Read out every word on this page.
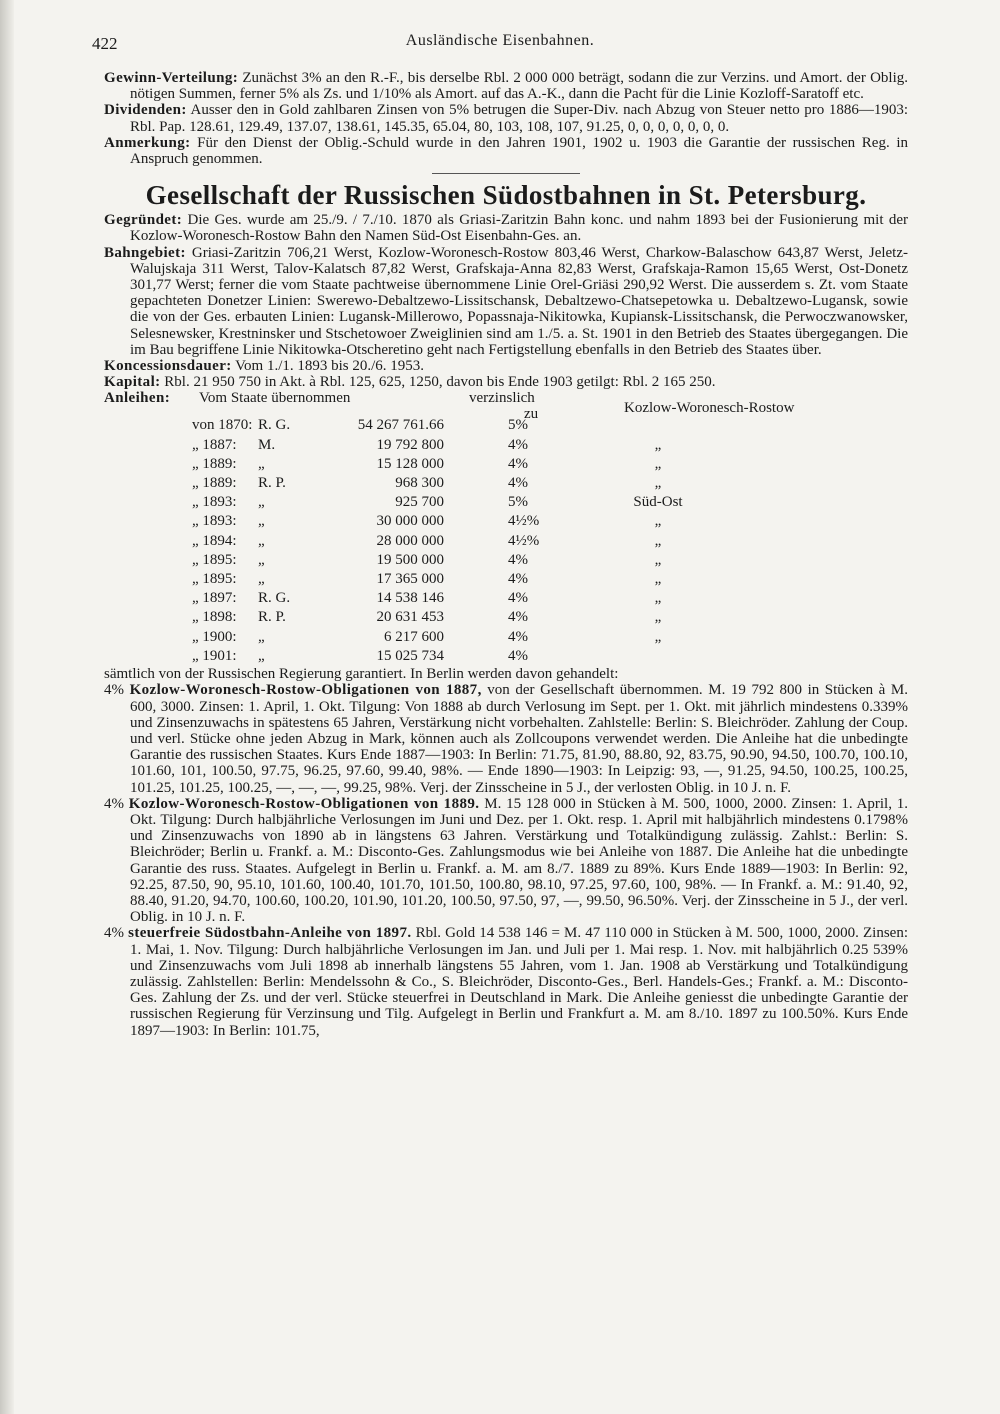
422	Ausländische Eisenbahnen.

Gewinn-Verteilung: Zunächst 3% an den R.-F., bis derselbe Rbl. 2 000 000 beträgt, sodann die zur Verzins. und Amort. der Oblig. nötigen Summen, ferner 5% als Zs. und 1/10% als Amort. auf das A.-K., dann die Pacht für die Linie Kozloff-Saratoff etc.

Dividenden: Ausser den in Gold zahlbaren Zinsen von 5% betrugen die Super-Div. nach Abzug von Steuer netto pro 1886—1903: Rbl. Pap. 128.61, 129.49, 137.07, 138.61, 145.35, 65.04, 80, 103, 108, 107, 91.25, 0, 0, 0, 0, 0, 0, 0.

Anmerkung: Für den Dienst der Oblig.-Schuld wurde in den Jahren 1901, 1902 u. 1903 die Garantie der russischen Reg. in Anspruch genommen.

Gesellschaft der Russischen Südostbahnen in St. Petersburg.

Gegründet: Die Ges. wurde am 25./9. / 7./10. 1870 als Griasi-Zaritzin Bahn konc. und nahm 1893 bei der Fusionierung mit der Kozlow-Woronesch-Rostow Bahn den Namen Süd-Ost Eisenbahn-Ges. an.

Bahngebiet: Griasi-Zaritzin 706,21 Werst, Kozlow-Woronesch-Rostow 803,46 Werst, Charkow-Balaschow 643,87 Werst, Jeletz-Walujskaja 311 Werst, Talov-Kalatsch 87,82 Werst, Grafskaja-Anna 82,83 Werst, Grafskaja-Ramon 15,65 Werst, Ost-Donetz 301,77 Werst; ferner die vom Staate pachtweise übernommene Linie Orel-Griäsi 290,92 Werst. Die ausserdem s. Zt. vom Staate gepachteten Donetzer Linien: Swerewo-Debaltzewo-Lissitschansk, Debaltzewo-Chatsepetowka u. Debaltzewo-Lugansk, sowie die von der Ges. erbauten Linien: Lugansk-Millerowo, Popassnaja-Nikitowka, Kupiansk-Lissitschansk, die Perwoczwanowsker, Selesnewsker, Krestninsker und Stschetowoer Zweiglinien sind am 1./5. a. St. 1901 in den Betrieb des Staates übergegangen. Die im Bau begriffene Linie Nikitowka-Otscheretino geht nach Fertigstellung ebenfalls in den Betrieb des Staates über.

Koncessionsdauer: Vom 1./1. 1893 bis 20./6. 1953.

Kapital: Rbl. 21 950 750 in Akt. à Rbl. 125, 625, 1250, davon bis Ende 1903 getilgt: Rbl. 2 165 250.

Anleihen: Vom Staate übernommen	verzinslich
zu	Kozlow-Woronesch-Rostow
von 1870:	R. G.	54 267 761.66		5%	
„ 1887:	M.	19 792 800		4%	„
„ 1889:	„	15 128 000		4%	„
„ 1889:	R. P.	968 300		4%	„
„ 1893:	„	925 700		5%	Süd-Ost
„ 1893:	„	30 000 000		4½%	„
„ 1894:	„	28 000 000		4½%	„
„ 1895:	„	19 500 000		4%	„
„ 1895:	„	17 365 000		4%	„
„ 1897:	R. G.	14 538 146		4%	„
„ 1898:	R. P.	20 631 453		4%	„
„ 1900:	„	6 217 600		4%	„
„ 1901:	„	15 025 734		4%	

sämtlich von der Russischen Regierung garantiert. In Berlin werden davon gehandelt:

4% Kozlow-Woronesch-Rostow-Obligationen von 1887, von der Gesellschaft übernommen. M. 19 792 800 in Stücken à M. 600, 3000. Zinsen: 1. April, 1. Okt. Tilgung: Von 1888 ab durch Verlosung im Sept. per 1. Okt. mit jährlich mindestens 0.339% und Zinsenzuwachs in spätestens 65 Jahren, Verstärkung nicht vorbehalten. Zahlstelle: Berlin: S. Bleichröder. Zahlung der Coup. und verl. Stücke ohne jeden Abzug in Mark, können auch als Zollcoupons verwendet werden. Die Anleihe hat die unbedingte Garantie des russischen Staates. Kurs Ende 1887—1903: In Berlin: 71.75, 81.90, 88.80, 92, 83.75, 90.90, 94.50, 100.70, 100.10, 101.60, 101, 100.50, 97.75, 96.25, 97.60, 99.40, 98%. — Ende 1890—1903: In Leipzig: 93, —, 91.25, 94.50, 100.25, 100.25, 101.25, 101.25, 100.25, —, —, —, 99.25, 98%. Verj. der Zinsscheine in 5 J., der verlosten Oblig. in 10 J. n. F.

4% Kozlow-Woronesch-Rostow-Obligationen von 1889. M. 15 128 000 in Stücken à M. 500, 1000, 2000. Zinsen: 1. April, 1. Okt. Tilgung: Durch halbjährliche Verlosungen im Juni und Dez. per 1. Okt. resp. 1. April mit halbjährlich mindestens 0.1798% und Zinsenzuwachs von 1890 ab in längstens 63 Jahren. Verstärkung und Totalkündigung zulässig. Zahlst.: Berlin: S. Bleichröder; Berlin u. Frankf. a. M.: Disconto-Ges. Zahlungsmodus wie bei Anleihe von 1887. Die Anleihe hat die unbedingte Garantie des russ. Staates. Aufgelegt in Berlin u. Frankf. a. M. am 8./7. 1889 zu 89%. Kurs Ende 1889—1903: In Berlin: 92, 92.25, 87.50, 90, 95.10, 101.60, 100.40, 101.70, 101.50, 100.80, 98.10, 97.25, 97.60, 100, 98%. — In Frankf. a. M.: 91.40, 92, 88.40, 91.20, 94.70, 100.60, 100.20, 101.90, 101.20, 100.50, 97.50, 97, —, 99.50, 96.50%. Verj. der Zinsscheine in 5 J., der verl. Oblig. in 10 J. n. F.

4% steuerfreie Südostbahn-Anleihe von 1897. Rbl. Gold 14 538 146 = M. 47 110 000 in Stücken à M. 500, 1000, 2000. Zinsen: 1. Mai, 1. Nov. Tilgung: Durch halbjährliche Verlosungen im Jan. und Juli per 1. Mai resp. 1. Nov. mit halbjährlich 0.25 539% und Zinsenzuwachs vom Juli 1898 ab innerhalb längstens 55 Jahren, vom 1. Jan. 1908 ab Verstärkung und Totalkündigung zulässig. Zahlstellen: Berlin: Mendelssohn & Co., S. Bleichröder, Disconto-Ges., Berl. Handels-Ges.; Frankf. a. M.: Disconto-Ges. Zahlung der Zs. und der verl. Stücke steuerfrei in Deutschland in Mark. Die Anleihe geniesst die unbedingte Garantie der russischen Regierung für Verzinsung und Tilg. Aufgelegt in Berlin und Frankfurt a. M. am 8./10. 1897 zu 100.50%. Kurs Ende 1897—1903: In Berlin: 101.75,
